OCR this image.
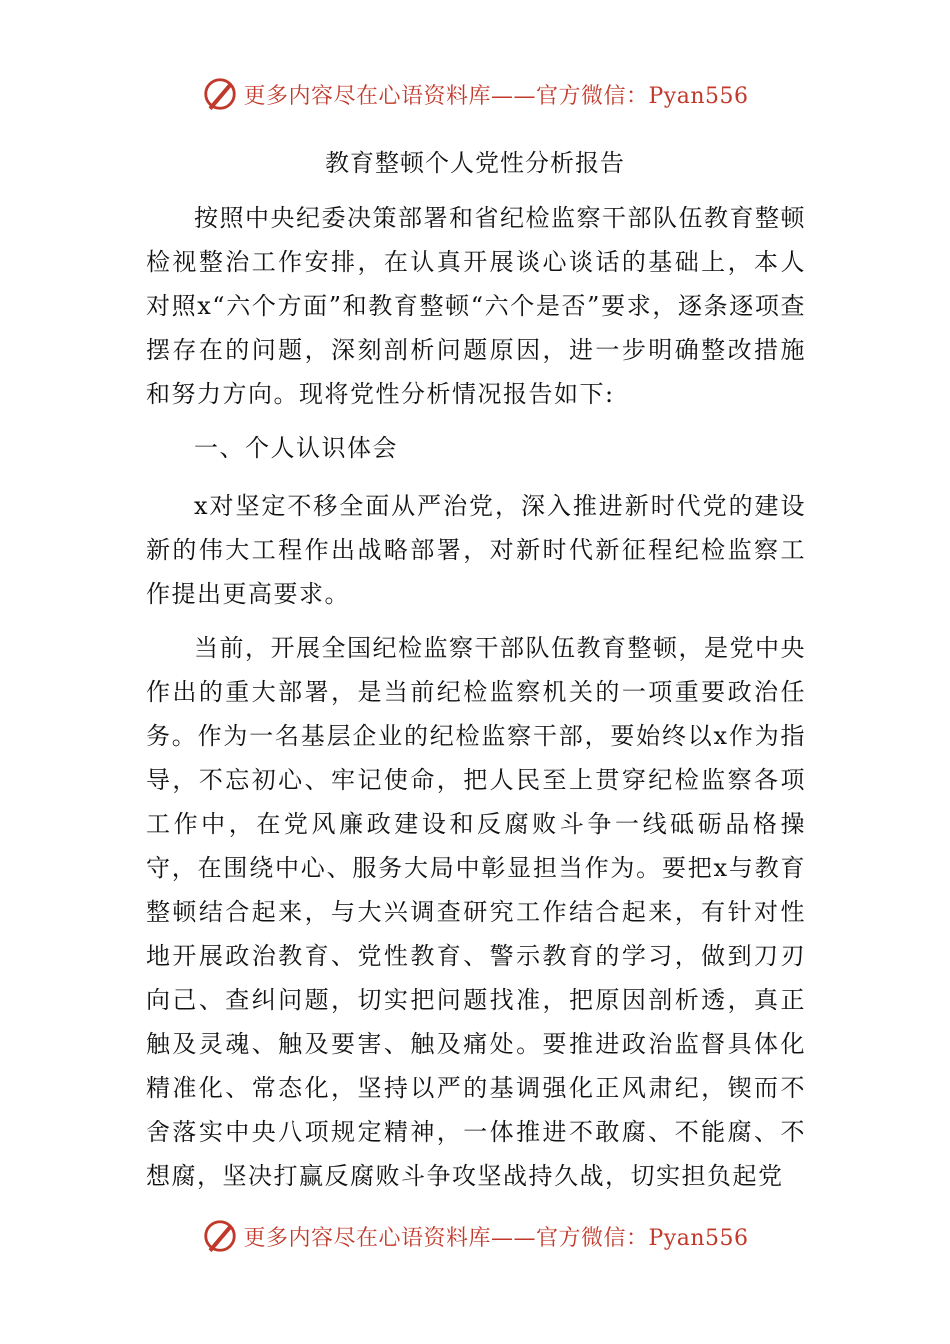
更多内容尽在心语资料库——官方微信：Pyan556
教育整顿个人党性分析报告

按照中央纪委决策部署和省纪检监察干部队伍教育整顿检视整治工作安排，在认真开展谈心谈话的基础上，本人对照x“六个方面”和教育整顿“六个是否”要求，逐条逐项查摆存在的问题，深刻剖析问题原因，进一步明确整改措施和努力方向。现将党性分析情况报告如下:

一、个人认识体会

x对坚定不移全面从严治党，深入推进新时代党的建设新的伟大工程作出战略部署，对新时代新征程纪检监察工作提出更高要求。

当前，开展全国纪检监察干部队伍教育整顿，是党中央作出的重大部署，是当前纪检监察机关的一项重要政治任务。作为一名基层企业的纪检监察干部，要始终以x作为指导，不忘初心、牢记使命，把人民至上贯穿纪检监察各项工作中，在党风廉政建设和反腐败斗争一线砥砺品格操守，在围绕中心、服务大局中彰显担当作为。要把x与教育整顿结合起来，与大兴调查研究工作结合起来，有针对性地开展政治教育、党性教育、警示教育的学习，做到刀刃向己、查纠问题，切实把问题找准，把原因剖析透，真正触及灵魂、触及要害、触及痛处。要推进政治监督具体化精准化、常态化，坚持以严的基调强化正风肃纪，锲而不舍落实中央八项规定精神，一体推进不敢腐、不能腐、不想腐，坚决打赢反腐败斗争攻坚战持久战，切实担负起党

更多内容尽在心语资料库——官方微信：Pyan556
